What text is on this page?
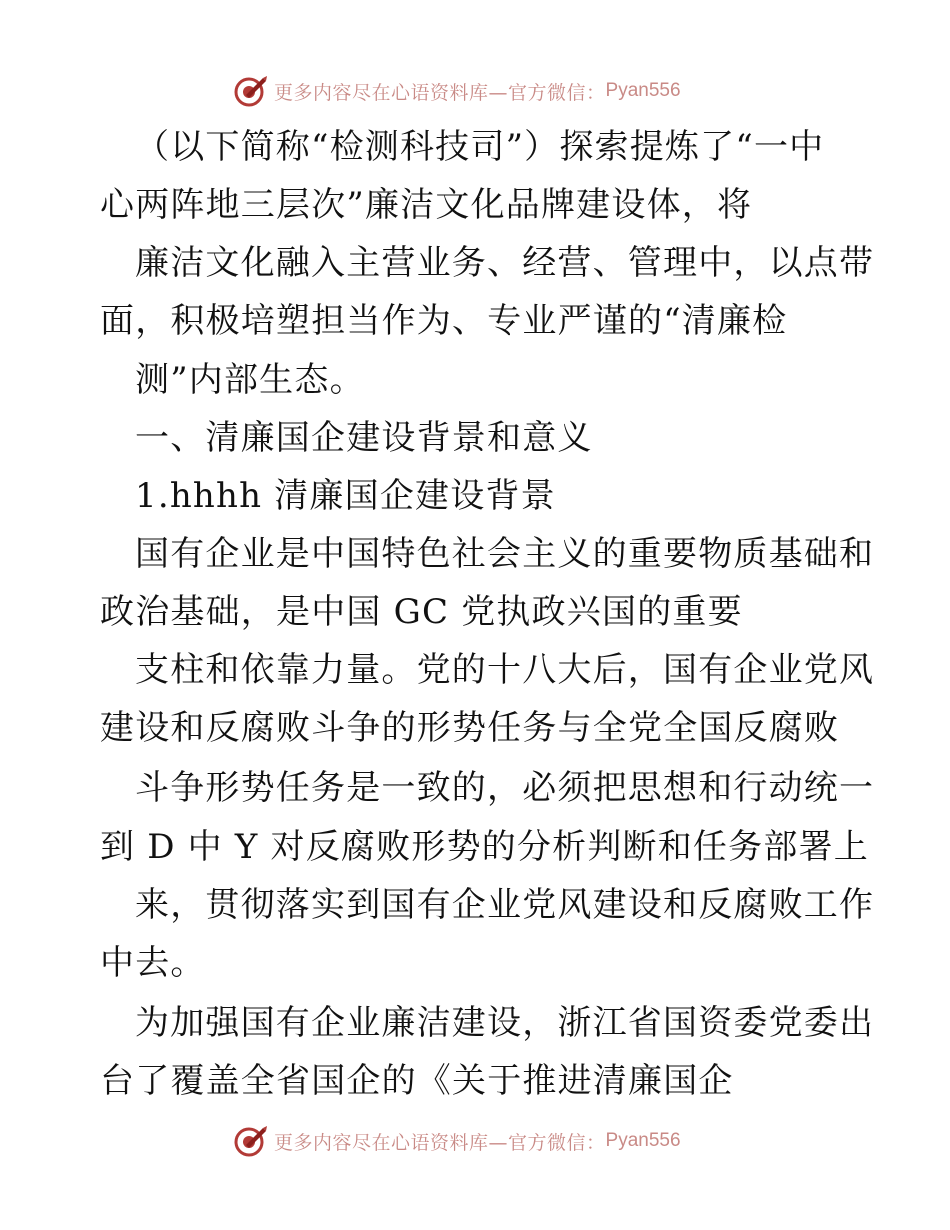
更多内容尽在心语资料库—官方微信： Pyan556
（以下简称“检测科技司”）探索提炼了“一中
心两阵地三层次”廉洁文化品牌建设体，将
廉洁文化融入主营业务、经营、管理中，以点带
面，积极培塑担当作为、专业严谨的“清廉检
测”内部生态。
一、清廉国企建设背景和意义
1.hhhh 清廉国企建设背景
国有企业是中国特色社会主义的重要物质基础和
政治基础，是中国 GC 党执政兴国的重要
支柱和依靠力量。党的十八大后，国有企业党风
建设和反腐败斗争的形势任务与全党全国反腐败
斗争形势任务是一致的，必须把思想和行动统一
到 D 中 Y 对反腐败形势的分析判断和任务部署上
来，贯彻落实到国有企业党风建设和反腐败工作
中去。
为加强国有企业廉洁建设，浙江省国资委党委出
台了覆盖全省国企的《关于推进清廉国企
更多内容尽在心语资料库—官方微信： Pyan556
